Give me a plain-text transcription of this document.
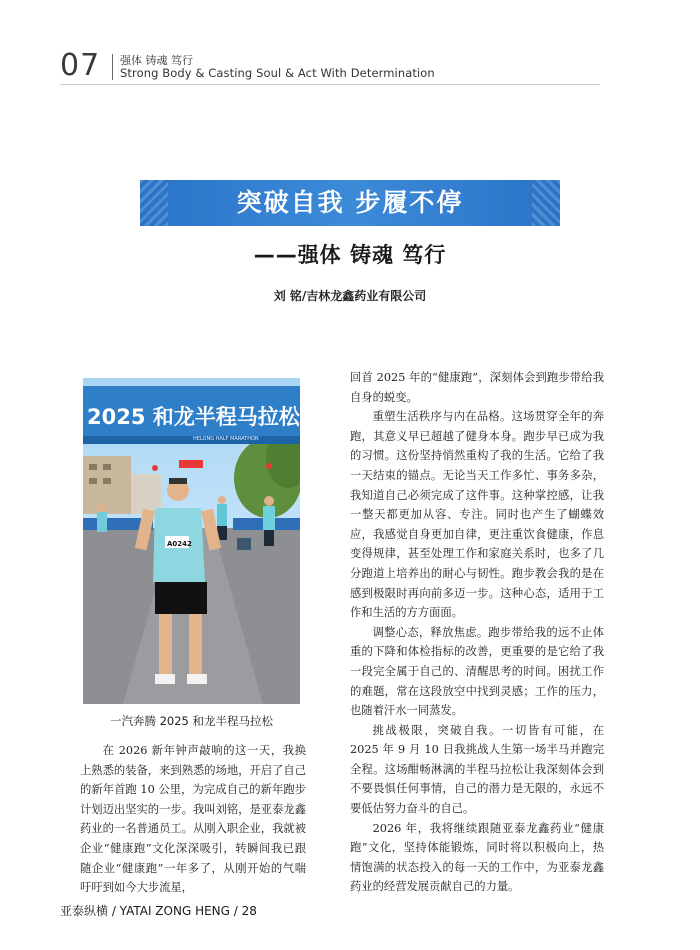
07 强体 铸魂 笃行
Strong Body & Casting Soul & Act With Determination
突破自我 步履不停
——强体 铸魂 笃行
刘 铭/吉林龙鑫药业有限公司
2025 和龙半程马拉松
HELONG HALF MARATHON
A0242
一汽奔腾 2025 和龙半程马拉松

在 2026 新年钟声敲响的这一天，我换上熟悉的装备，来到熟悉的场地，开启了自己的新年首跑 10 公里，为完成自己的新年跑步计划迈出坚实的一步。我叫刘铭，是亚泰龙鑫药业的一名普通员工。从刚入职企业，我就被企业“健康跑”文化深深吸引，转瞬间我已跟随企业“健康跑”一年多了，从刚开始的气喘吁吁到如今大步流星，

回首 2025 年的“健康跑”，深刻体会到跑步带给我自身的蜕变。

重塑生活秩序与内在品格。这场贯穿全年的奔跑，其意义早已超越了健身本身。跑步早已成为我的习惯。这份坚持悄然重构了我的生活。它给了我一天结束的锚点。无论当天工作多忙、事务多杂，我知道自己必须完成了这件事。这种掌控感，让我一整天都更加从容、专注。同时也产生了蝴蝶效应，我感觉自身更加自律，更注重饮食健康，作息变得规律，甚至处理工作和家庭关系时，也多了几分跑道上培养出的耐心与韧性。跑步教会我的是在感到极限时再向前多迈一步。这种心态，适用于工作和生活的方方面面。

调整心态，释放焦虑。跑步带给我的远不止体重的下降和体检指标的改善，更重要的是它给了我一段完全属于自己的、清醒思考的时间。困扰工作的难题，常在这段放空中找到灵感；工作的压力，也随着汗水一同蒸发。

挑战极限，突破自我。一切皆有可能，在 2025 年 9 月 10 日我挑战人生第一场半马并跑完全程。这场酣畅淋漓的半程马拉松让我深刻体会到不要畏惧任何事情，自己的潜力是无限的，永远不要低估努力奋斗的自己。

2026 年，我将继续跟随亚泰龙鑫药业“健康跑”文化，坚持体能锻炼，同时将以积极向上，热情饱满的状态投入的每一天的工作中，为亚泰龙鑫药业的经营发展贡献自己的力量。

亚泰纵横 / YATAI ZONG HENG / 28
